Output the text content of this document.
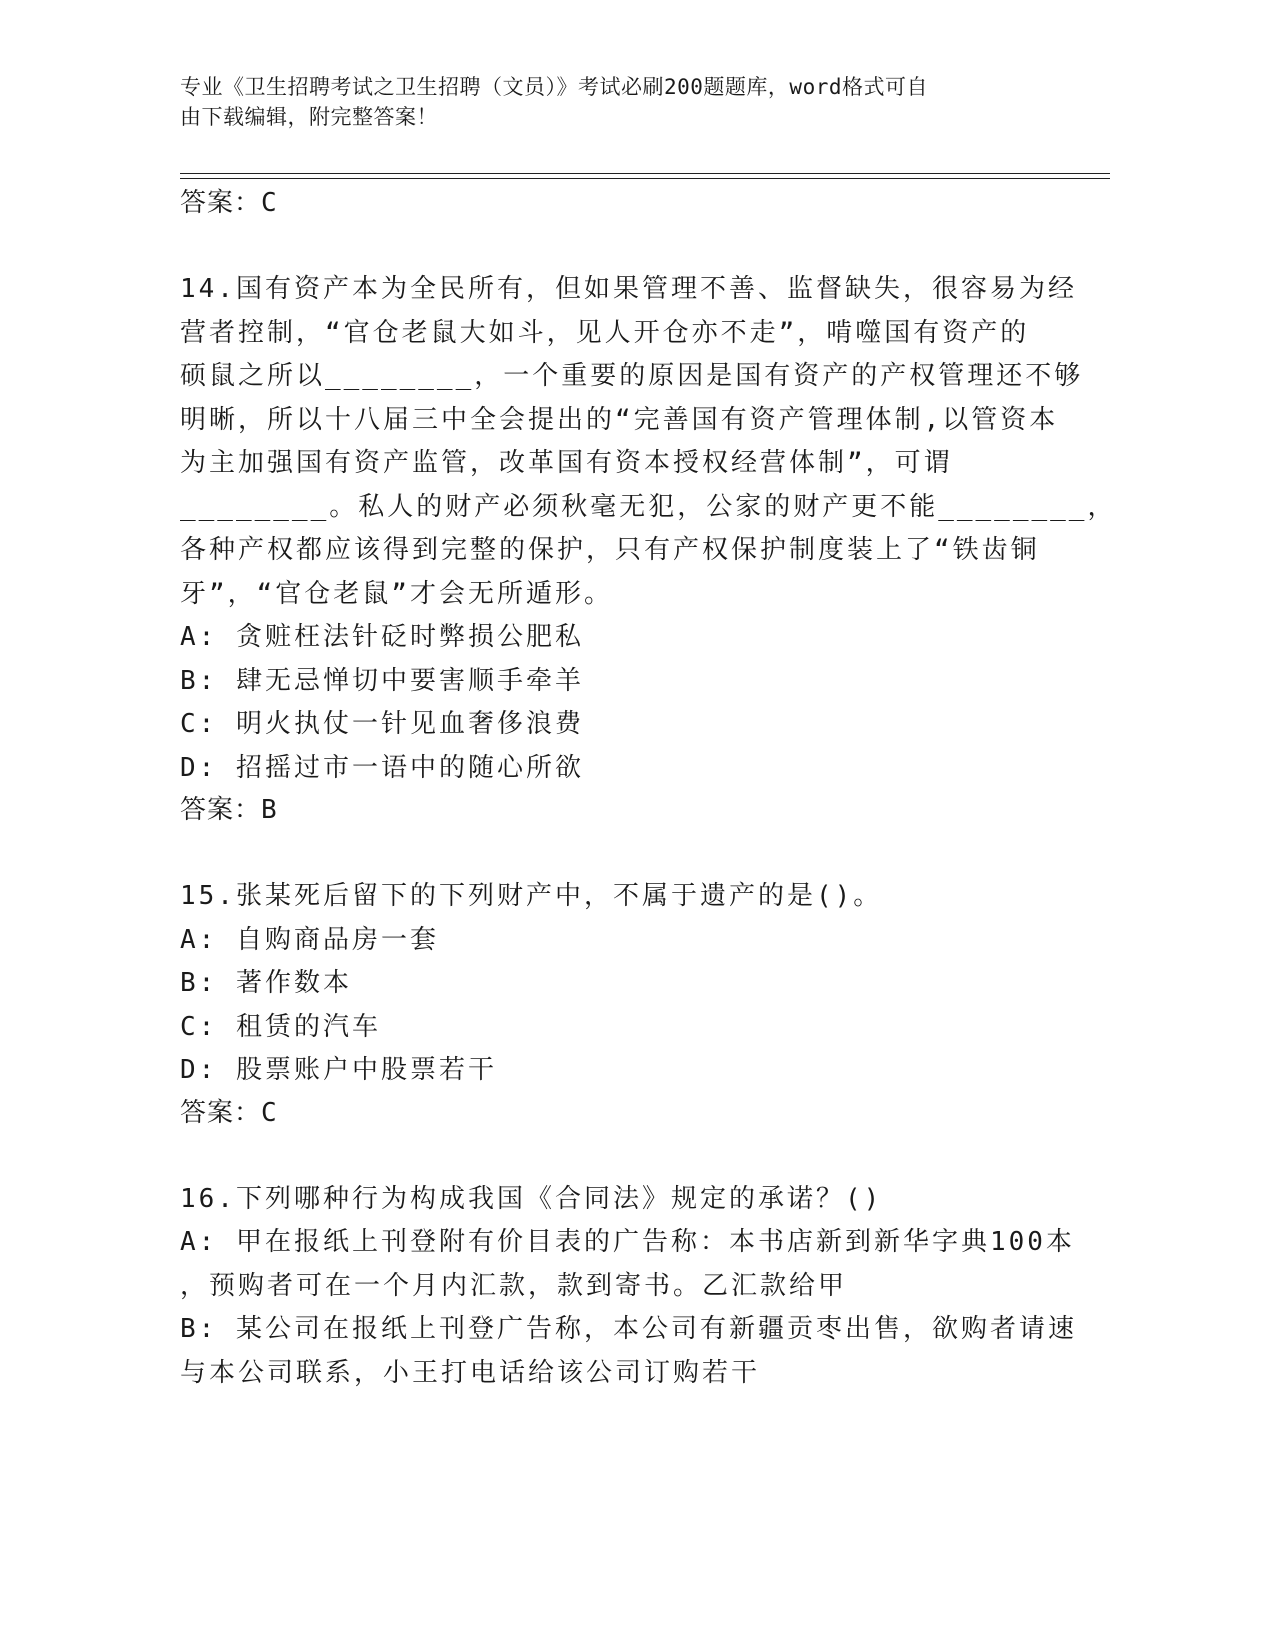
专业《卫生招聘考试之卫生招聘（文员）》考试必刷200题题库，word格式可自
由下载编辑，附完整答案！

答案：C

14.国有资产本为全民所有，但如果管理不善、监督缺失，很容易为经

营者控制，“官仓老鼠大如斗，见人开仓亦不走”，啃噬国有资产的

硕鼠之所以________，一个重要的原因是国有资产的产权管理还不够

明晰，所以十八届三中全会提出的“完善国有资产管理体制,以管资本

为主加强国有资产监管，改革国有资本授权经营体制”，可谓

________。私人的财产必须秋毫无犯，公家的财产更不能________，

各种产权都应该得到完整的保护，只有产权保护制度装上了“铁齿铜

牙”，“官仓老鼠”才会无所遁形。

A: 贪赃枉法针砭时弊损公肥私

B: 肆无忌惮切中要害顺手牵羊

C: 明火执仗一针见血奢侈浪费

D: 招摇过市一语中的随心所欲

答案：B

15.张某死后留下的下列财产中，不属于遗产的是()。

A: 自购商品房一套

B: 著作数本

C: 租赁的汽车

D: 股票账户中股票若干

答案：C

16.下列哪种行为构成我国《合同法》规定的承诺？()

A: 甲在报纸上刊登附有价目表的广告称：本书店新到新华字典100本

，预购者可在一个月内汇款，款到寄书。乙汇款给甲

B: 某公司在报纸上刊登广告称，本公司有新疆贡枣出售，欲购者请速

与本公司联系，小王打电话给该公司订购若干
